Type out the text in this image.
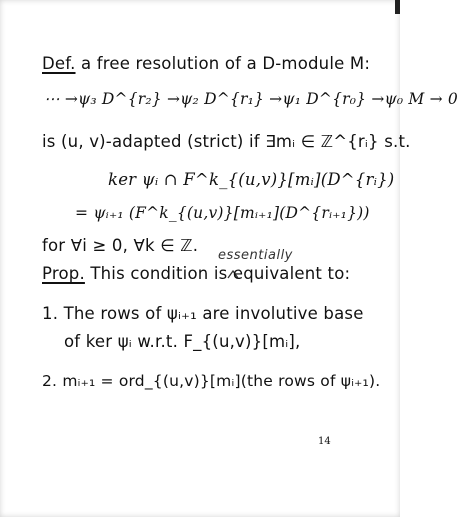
Def. a free resolution of a D-module M:
⋯ →ψ₃ D^{r₂} →ψ₂ D^{r₁} →ψ₁ D^{r₀} →ψ₀ M → 0
is (u, v)-adapted (strict) if ∃mᵢ ∈ ℤ^{rᵢ} s.t.
ker ψᵢ ∩ F^k_{(u,v)}[mᵢ](D^{rᵢ})
= ψᵢ₊₁ (F^k_{(u,v)}[mᵢ₊₁](D^{rᵢ₊₁}))
for ∀i ≥ 0, ∀k ∈ ℤ.
essentially
Prop. This condition is equivalent to:
1. The rows of ψᵢ₊₁ are involutive base
of ker ψᵢ w.r.t. F_{(u,v)}[mᵢ],
2. mᵢ₊₁ = ord_{(u,v)}[mᵢ](the rows of ψᵢ₊₁).
14
